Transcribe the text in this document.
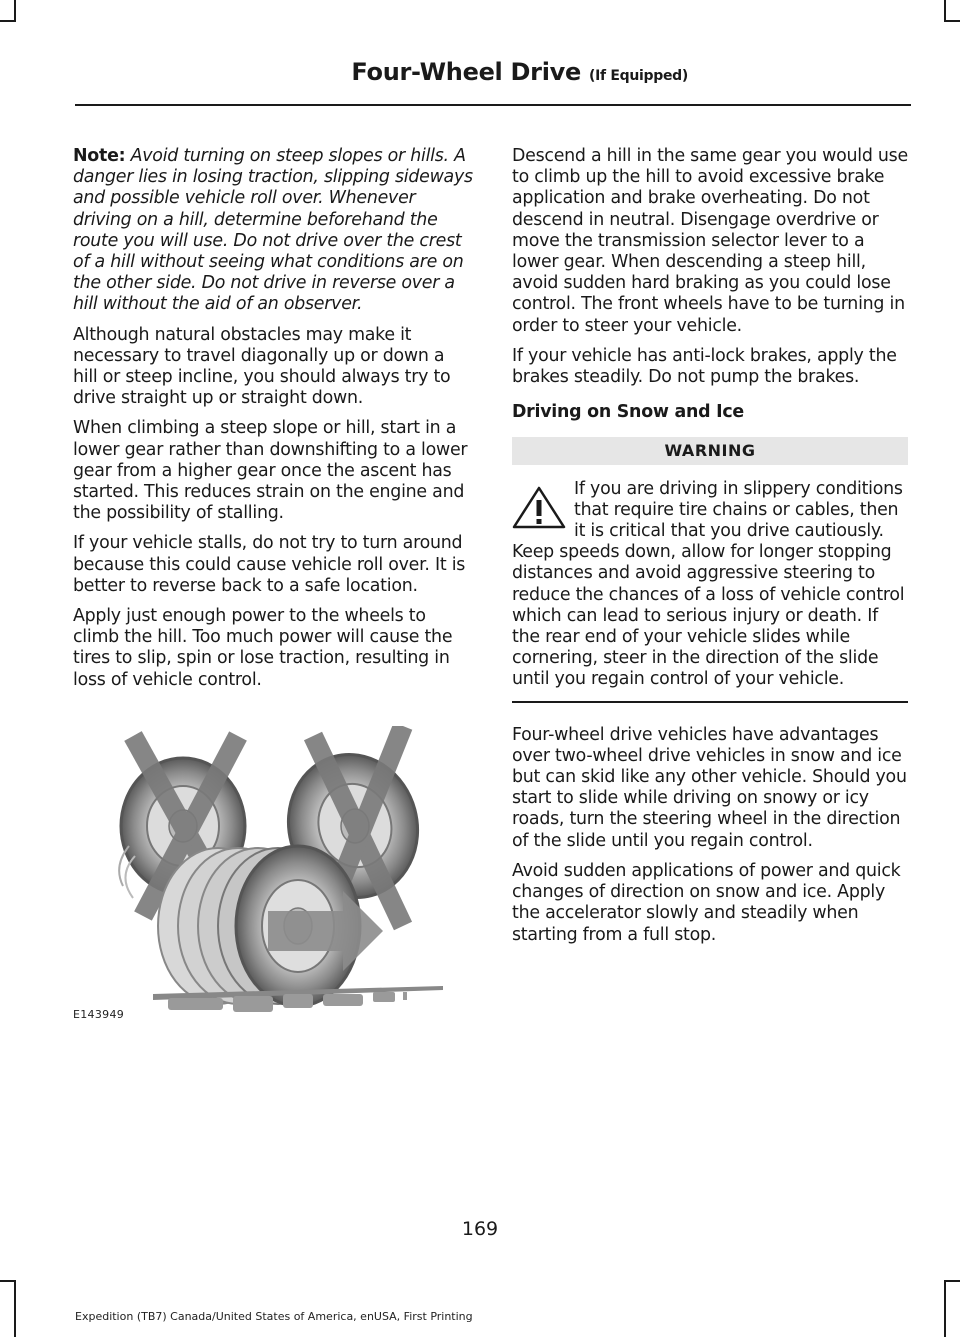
Four-Wheel Drive (If Equipped)

Note: Avoid turning on steep slopes or hills. A danger lies in losing traction, slipping sideways and possible vehicle roll over. Whenever driving on a hill, determine beforehand the route you will use. Do not drive over the crest of a hill without seeing what conditions are on the other side. Do not drive in reverse over a hill without the aid of an observer.

Although natural obstacles may make it necessary to travel diagonally up or down a hill or steep incline, you should always try to drive straight up or straight down.

When climbing a steep slope or hill, start in a lower gear rather than downshifting to a lower gear from a higher gear once the ascent has started. This reduces strain on the engine and the possibility of stalling.

If your vehicle stalls, do not try to turn around because this could cause vehicle roll over. It is better to reverse back to a safe location.

Apply just enough power to the wheels to climb the hill. Too much power will cause the tires to slip, spin or lose traction, resulting in loss of vehicle control.

E143949

Descend a hill in the same gear you would use to climb up the hill to avoid excessive brake application and brake overheating. Do not descend in neutral. Disengage overdrive or move the transmission selector lever to a lower gear. When descending a steep hill, avoid sudden hard braking as you could lose control. The front wheels have to be turning in order to steer your vehicle.

If your vehicle has anti-lock brakes, apply the brakes steadily. Do not pump the brakes.

Driving on Snow and Ice

WARNING

If you are driving in slippery conditions that require tire chains or cables, then it is critical that you drive cautiously. Keep speeds down, allow for longer stopping distances and avoid aggressive steering to reduce the chances of a loss of vehicle control which can lead to serious injury or death. If the rear end of your vehicle slides while cornering, steer in the direction of the slide until you regain control of your vehicle.

Four-wheel drive vehicles have advantages over two-wheel drive vehicles in snow and ice but can skid like any other vehicle. Should you start to slide while driving on snowy or icy roads, turn the steering wheel in the direction of the slide until you regain control.

Avoid sudden applications of power and quick changes of direction on snow and ice. Apply the accelerator slowly and steadily when starting from a full stop.

169
Expedition (TB7) Canada/United States of America, enUSA, First Printing
